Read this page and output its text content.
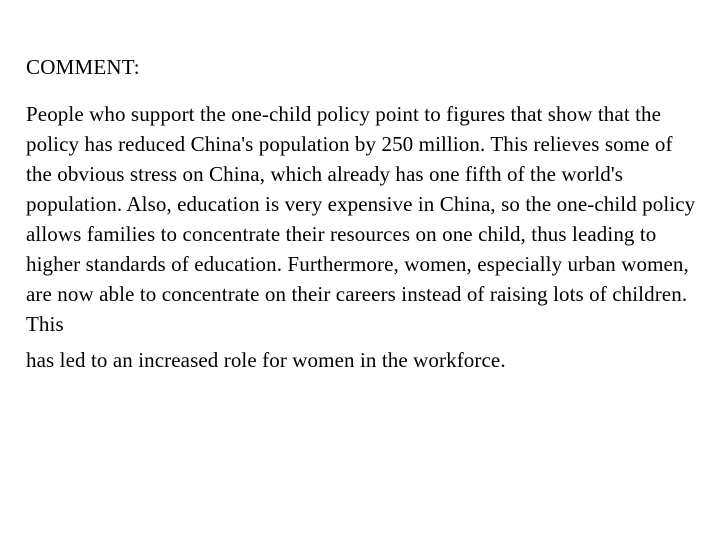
COMMENT:

People who support the one-child policy point to figures that show that the policy has reduced China's population by 250 million. This relieves some of the obvious stress on China, which already has one fifth of the world's population. Also, education is very expensive in China, so the one-child policy allows families to concentrate their resources on one child, thus leading to higher standards of education. Furthermore, women, especially urban women, are now able to concentrate on their careers instead of raising lots of children. This
has led to an increased role for women in the workforce.
